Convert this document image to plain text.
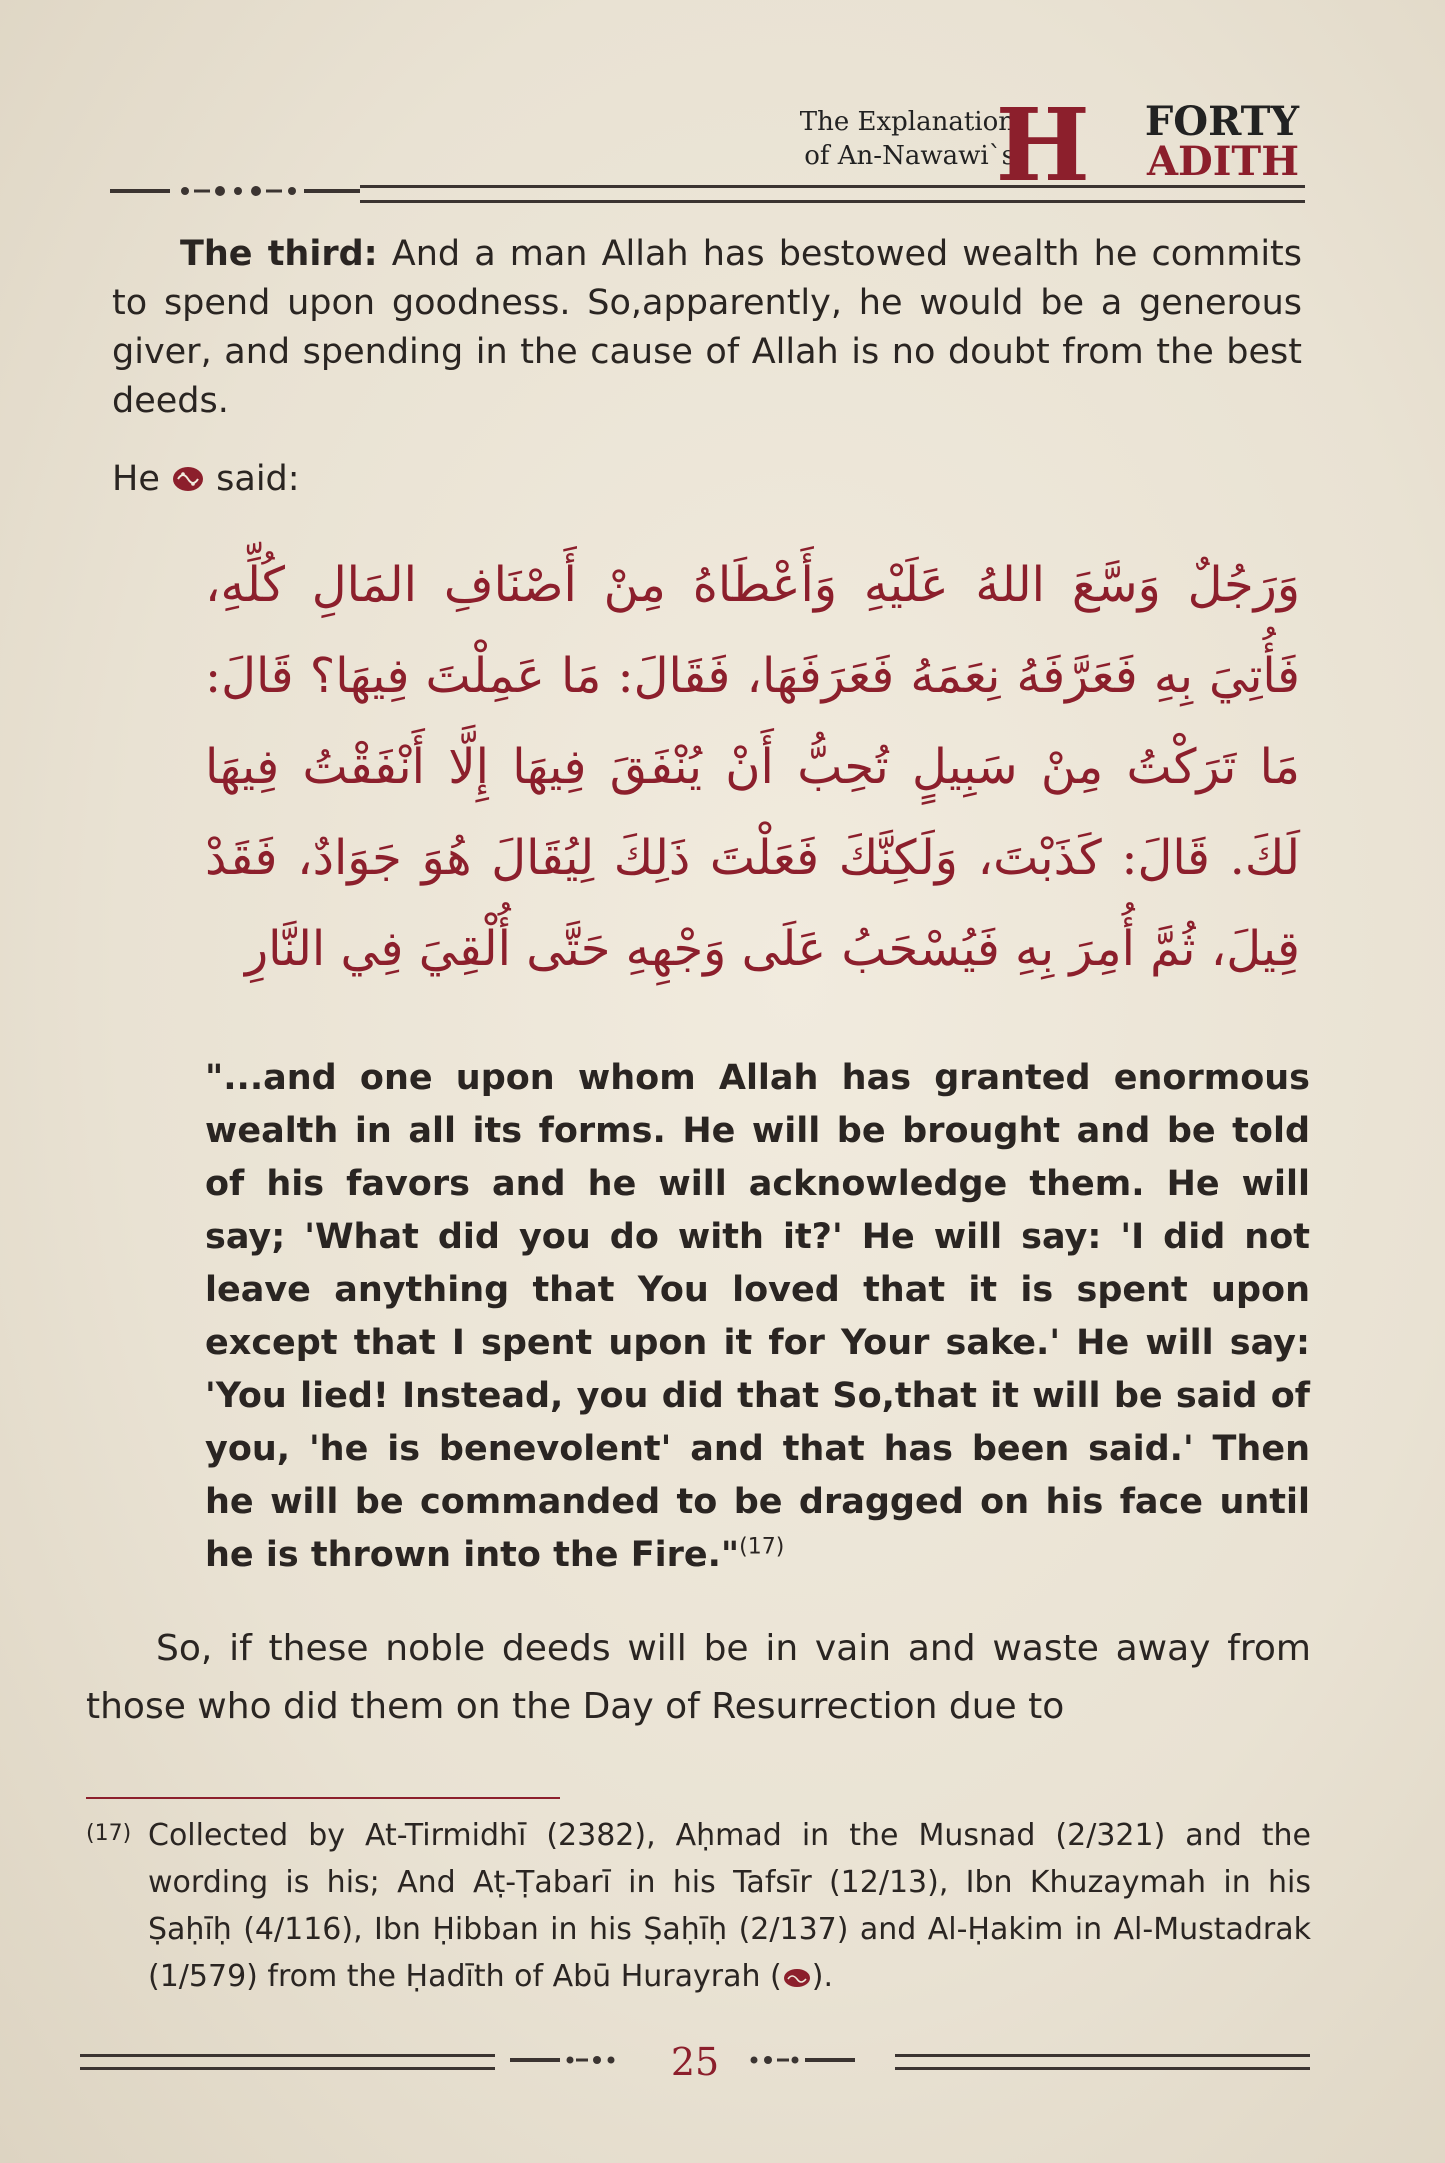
The Explanation
of An-Nawawi`s
H FORTY
ADITH
The third: And a man Allah has bestowed wealth he commits to spend upon goodness. So,apparently, he would be a generous giver, and spending in the cause of Allah is no doubt from the best deeds.
He said:
وَرَجُلٌ وَسَّعَ اللهُ عَلَيْهِ وَأَعْطَاهُ مِنْ أَصْنَافِ المَالِ كُلِّهِ، فَأُتِيَ بِهِ فَعَرَّفَهُ نِعَمَهُ فَعَرَفَهَا، فَقَالَ: مَا عَمِلْتَ فِيهَا؟ قَالَ: مَا تَرَكْتُ مِنْ سَبِيلٍ تُحِبُّ أَنْ يُنْفَقَ فِيهَا إِلَّا أَنْفَقْتُ فِيهَا لَكَ. قَالَ: كَذَبْتَ، وَلَكِنَّكَ فَعَلْتَ ذَلِكَ لِيُقَالَ هُوَ جَوَادٌ، فَقَدْ قِيلَ، ثُمَّ أُمِرَ بِهِ فَيُسْحَبُ عَلَى وَجْهِهِ حَتَّى أُلْقِيَ فِي النَّارِ
"...and one upon whom Allah has granted enormous wealth in all its forms. He will be brought and be told of his favors and he will acknowledge them. He will say; 'What did you do with it?' He will say: 'I did not leave anything that You loved that it is spent upon except that I spent upon it for Your sake.' He will say: 'You lied! Instead, you did that So,that it will be said of you, 'he is benevolent' and that has been said.' Then he will be commanded to be dragged on his face until he is thrown into the Fire."$^{(17)}$
So, if these noble deeds will be in vain and waste away from those who did them on the Day of Resurrection due to
(17) Collected by At-Tirmidhī (2382), Aḥmad in the Musnad (2/321) and the wording is his; And Aṭ-Ṭabarī in his Tafsīr (12/13), Ibn Khuzaymah in his Ṣaḥīḥ (4/116), Ibn Ḥibban in his Ṣaḥīḥ (2/137) and Al-Ḥakim in Al-Mustadrak (1/579) from the Ḥadīth of Abū Hurayrah ( ).
25
